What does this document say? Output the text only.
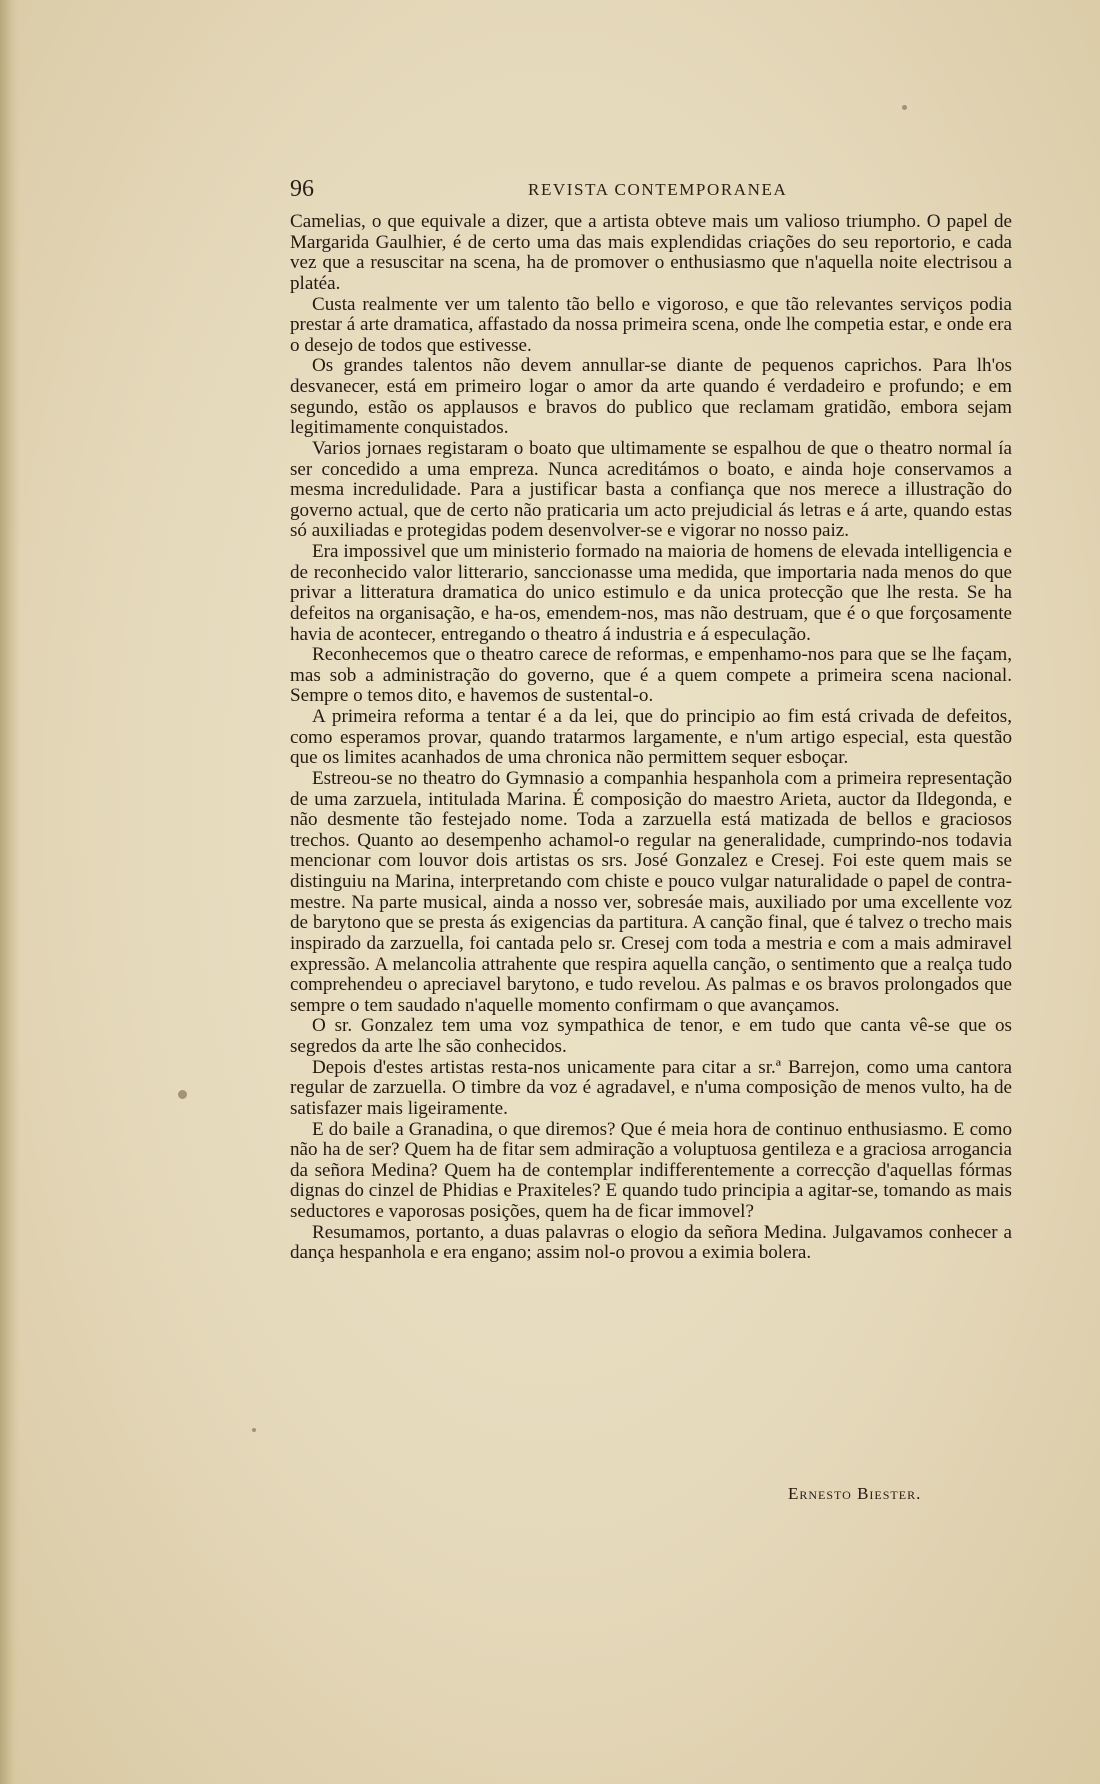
96	REVISTA CONTEMPORANEA

Camelias, o que equivale a dizer, que a artista obteve mais um valioso triumpho. O papel de Margarida Gaulhier, é de certo uma das mais explendidas criações do seu reportorio, e cada vez que a resuscitar na scena, ha de promover o enthusiasmo que n'aquella noite electrisou a platéa.

Custa realmente ver um talento tão bello e vigoroso, e que tão relevantes serviços podia prestar á arte dramatica, affastado da nossa primeira scena, onde lhe competia estar, e onde era o desejo de todos que estivesse.

Os grandes talentos não devem annullar-se diante de pequenos caprichos. Para lh'os desvanecer, está em primeiro logar o amor da arte quando é verdadeiro e profundo; e em segundo, estão os applausos e bravos do publico que reclamam gratidão, embora sejam legitimamente conquistados.

Varios jornaes registaram o boato que ultimamente se espalhou de que o theatro normal ía ser concedido a uma empreza. Nunca acreditámos o boato, e ainda hoje conservamos a mesma incredulidade. Para a justificar basta a confiança que nos merece a illustração do governo actual, que de certo não praticaria um acto prejudicial ás letras e á arte, quando estas só auxiliadas e protegidas podem desenvolver-se e vigorar no nosso paiz.

Era impossivel que um ministerio formado na maioria de homens de elevada intelligencia e de reconhecido valor litterario, sanccionasse uma medida, que importaria nada menos do que privar a litteratura dramatica do unico estimulo e da unica protecção que lhe resta. Se ha defeitos na organisação, e ha-os, emendem-nos, mas não destruam, que é o que forçosamente havia de acontecer, entregando o theatro á industria e á especulação.

Reconhecemos que o theatro carece de reformas, e empenhamo-nos para que se lhe façam, mas sob a administração do governo, que é a quem compete a primeira scena nacional. Sempre o temos dito, e havemos de sustental-o.

A primeira reforma a tentar é a da lei, que do principio ao fim está crivada de defeitos, como esperamos provar, quando tratarmos largamente, e n'um artigo especial, esta questão que os limites acanhados de uma chronica não permittem sequer esboçar.

Estreou-se no theatro do Gymnasio a companhia hespanhola com a primeira representação de uma zarzuela, intitulada Marina. É composição do maestro Arieta, auctor da Ildegonda, e não desmente tão festejado nome. Toda a zarzuella está matizada de bellos e graciosos trechos. Quanto ao desempenho achamol-o regular na generalidade, cumprindo-nos todavia mencionar com louvor dois artistas os srs. José Gonzalez e Cresej. Foi este quem mais se distinguiu na Marina, interpretando com chiste e pouco vulgar naturalidade o papel de contra-mestre. Na parte musical, ainda a nosso ver, sobresáe mais, auxiliado por uma excellente voz de barytono que se presta ás exigencias da partitura. A canção final, que é talvez o trecho mais inspirado da zarzuella, foi cantada pelo sr. Cresej com toda a mestria e com a mais admiravel expressão. A melancolia attrahente que respira aquella canção, o sentimento que a realça tudo comprehendeu o apreciavel barytono, e tudo revelou. As palmas e os bravos prolongados que sempre o tem saudado n'aquelle momento confirmam o que avançamos.

O sr. Gonzalez tem uma voz sympathica de tenor, e em tudo que canta vê-se que os segredos da arte lhe são conhecidos.

Depois d'estes artistas resta-nos unicamente para citar a sr.ª Barrejon, como uma cantora regular de zarzuella. O timbre da voz é agradavel, e n'uma composição de menos vulto, ha de satisfazer mais ligeiramente.

E do baile a Granadina, o que diremos? Que é meia hora de continuo enthusiasmo. E como não ha de ser? Quem ha de fitar sem admiração a voluptuosa gentileza e a graciosa arrogancia da señora Medina? Quem ha de contemplar indifferentemente a correcção d'aquellas fórmas dignas do cinzel de Phidias e Praxiteles? E quando tudo principia a agitar-se, tomando as mais seductores e vaporosas posições, quem ha de ficar immovel?

Resumamos, portanto, a duas palavras o elogio da señora Medina. Julgavamos conhecer a dança hespanhola e era engano; assim nol-o provou a eximia bolera.

Ernesto Biester.
